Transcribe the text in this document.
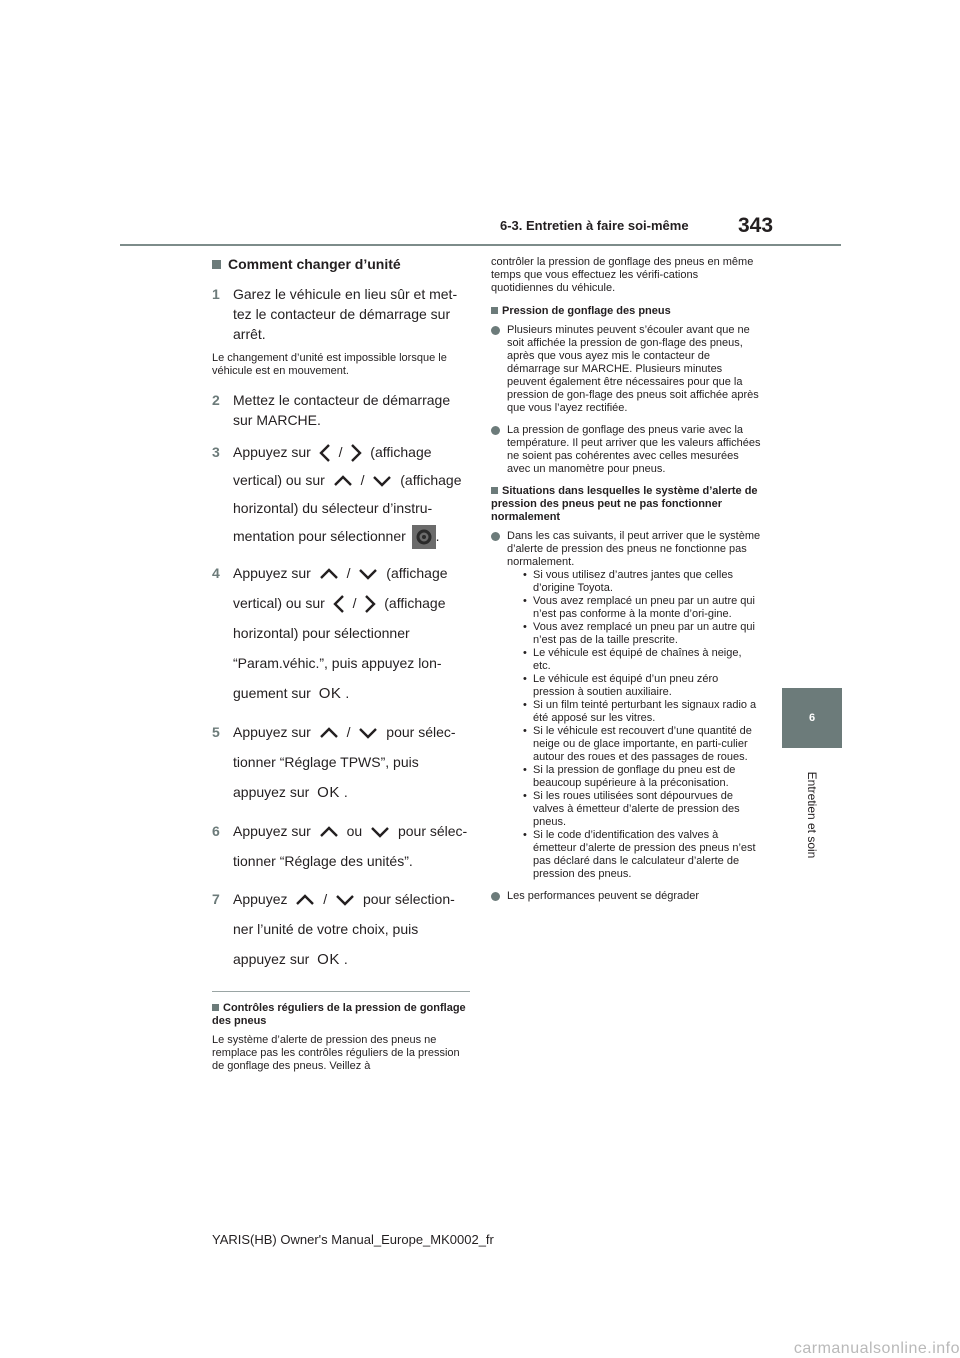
6-3. Entretien à faire soi-même 343
6
Entretien et soin
Comment changer d’unité
1 Garez le véhicule en lieu sûr et met-tez le contacteur de démarrage sur arrêt.
Le changement d’unité est impossible lorsque le véhicule est en mouvement.
2 Mettez le contacteur de démarrage sur MARCHE.
3 Appuyez sur / (affichage vertical) ou sur	/	(affichage horizontal) du sélecteur d’instru-mentation pour sélectionner .
4 Appuyez sur	/	(affichage vertical) ou sur / (affichage horizontal) pour sélectionner “Param.véhic.”, puis appuyez lon-guement sur OK .
5 Appuyez sur	/	pour sélec-tionner “Réglage TPWS”, puis appuyez sur OK .
6 Appuyez sur	ou	pour sélec-tionner “Réglage des unités”.
7 Appuyez	/	pour sélection-ner l’unité de votre choix, puis appuyez sur OK .
Contrôles réguliers de la pression de gonflage des pneus
Le système d’alerte de pression des pneus ne remplace pas les contrôles réguliers de la pression de gonflage des pneus. Veillez à
contrôler la pression de gonflage des pneus en même temps que vous effectuez les vérifi-cations quotidiennes du véhicule.
Pression de gonflage des pneus
Plusieurs minutes peuvent s’écouler avant que ne soit affichée la pression de gon-flage des pneus, après que vous ayez mis le contacteur de démarrage sur MARCHE. Plusieurs minutes peuvent également être nécessaires pour que la pression de gon-flage des pneus soit affichée après que vous l’ayez rectifiée.
La pression de gonflage des pneus varie avec la température. Il peut arriver que les valeurs affichées ne soient pas cohérentes avec celles mesurées avec un manomètre pour pneus.
Situations dans lesquelles le système d’alerte de pression des pneus peut ne pas fonctionner normalement
Dans les cas suivants, il peut arriver que le système d’alerte de pression des pneus ne fonctionne pas normalement.
• Si vous utilisez d’autres jantes que celles d’origine Toyota.
• Vous avez remplacé un pneu par un autre qui n’est pas conforme à la monte d’ori-gine.
• Vous avez remplacé un pneu par un autre qui n’est pas de la taille prescrite.
• Le véhicule est équipé de chaînes à neige, etc.
• Le véhicule est équipé d’un pneu zéro pression à soutien auxiliaire.
• Si un film teinté perturbant les signaux radio a été apposé sur les vitres.
• Si le véhicule est recouvert d’une quantité de neige ou de glace importante, en parti-culier autour des roues et des passages de roues.
• Si la pression de gonflage du pneu est de beaucoup supérieure à la préconisation.
• Si les roues utilisées sont dépourvues de valves à émetteur d’alerte de pression des pneus.
• Si le code d’identification des valves à émetteur d’alerte de pression des pneus n’est pas déclaré dans le calculateur d’alerte de pression des pneus.
Les performances peuvent se dégrader
YARIS(HB) Owner's Manual_Europe_MK0002_fr
carmanualsonline.info
